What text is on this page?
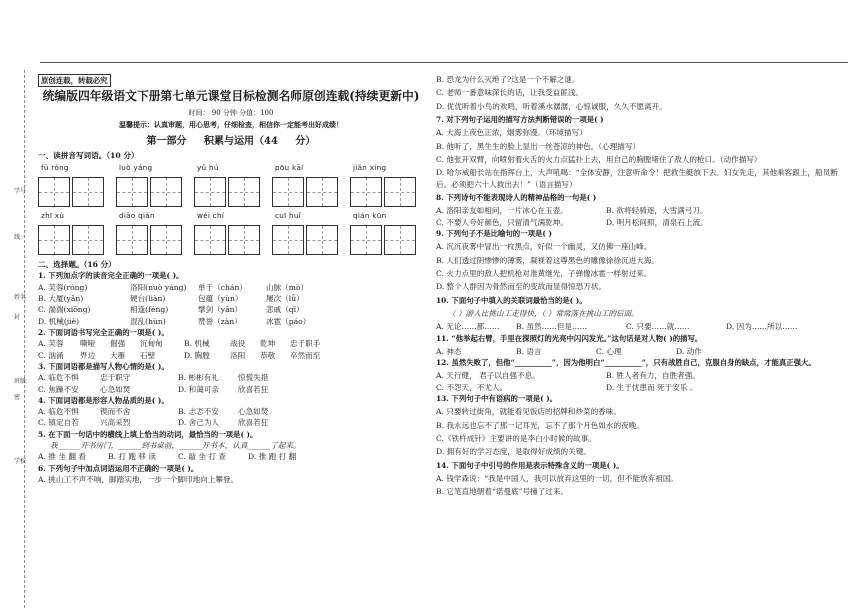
学号
线
姓名
封
班级
密
学校
原创连载，转载必究
统编版四年级语文下册第七单元课堂目标检测名师原创连载(持续更新中)
时间： 90 分钟 分值：100
温馨提示：认真审题，用心思考，仔细检查，相信你一定能考出好成绩！
第一部分 积累与运用（44 分）
一、读拼音写词语。（10 分）
fù róng	luò yáng	yǔ hú	pōu kāi	jiǎn xíng
zhī xù	diāo qiǎn	wéi chí	cuī huǐ	qián kūn
二、选择题。（16 分）
1. 下列加点字的读音完全正确的一项是( )。
A. 芙蓉(róng)	洛阳(nuò yáng)	单于（chán）	山脉（mò）
B. 大厦(yǎn)	硬台(liàn)	包蕴（yùn）	屡次（lǚ）
C. 湍湍(xiōng)	相逢(féng)	擘剑（yān）	悲戚（qī）
D. 机械(jiè)	混乱(hùn)	赞誉（zàn）	冰雹（páo）
2. 下面词语书写完全正确的一项是( )。
A. 芙蓉	嘶哑	倔强	沉甸甸	B. 机械	战役	乾坤	忠于职手
C. 汹涌	畀边	大雁	石壁	D. 胸膛	洛阳	恭敬	卒然而至
3. 下面词语都是描写人物心情的是( )。
A. 临危不惧	忠于职守	B. 彬彬有礼	惊慌失措
C. 焦躁不安	心急如焚	D. 和蔼可亲	欣喜若狂
4. 下面词语都是形容人物品质的是( )。
A. 临危不惧	锲而不舍	B. 忐忑不安	心急如焚
C. 镇定自若	兴高采烈	D. 舍己为人	欣喜若狂
5. 在下面一句话中的横线上填上恰当的动词，最恰当的一项是( )。
我______开书房门，______到书桌前，______开书本，认真______了起来。
A. 推 坐 翻 看	B. 打 跑 移 读	C. 敲 坐 打 查	D. 推 跑 打 翻
6. 下列句子中加点词语运用不正确的一项是( )。
A. 挑山工不声不响，脚踏实地，一步一个脚印地向上攀登。
B. 恐龙为什么灭绝了?这是一个不解之谜。
C. 老师一番意味深长的话，让我受益匪浅。
D. 优优听着小鸟的欢鸣，听着溪水潺潺，心惊诚服，久久不愿离开。
7. 对下列句子运用的描写方法判断错误的一项是( )
A. 大海上夜色正浓，烟雾弥漫。（环境描写）
B. 他听了，黑生生的脸上显出一丝苍凉的神色。（心理描写）
C. 他张开双臂，向喷射着火舌的火力点猛扑上去，用自己的胸膛堵住了敌人的枪口。（动作描写）
D. 哈尔威船长站在指挥台上，大声吼喝：“全体安静，注意听命令！把救生艇放下去。妇女先走，其他乘客跟上，船员断后。必须把六十人救出去！”（语言描写）
8. 下列诗句不能表现诗人的精神品格的一句是( )
A. 洛阳亲友如相问，一片冰心在玉壶。	B. 欲将轻骑逐，大雪满弓刀。
C. 不要人夸好颜色，只留清气满乾坤。	D. 明月松间照，清泉石上流。
9. 下列句子不是比喻句的一项是( )
A. 沉沉夜雾中冒出一枚黑点，好似一个幽灵，又仿佛一座山峰。
B. 人们透过阴惨惨的薄雾，凝视着这尊黑色的雕像徐徐沉进大海。
C. 火力点里的敌人把机枪对准黄继光，子弹像冰雹一样射过来。
D. 整个人群因为骨然而至的变故而显得惊恐万状。
10. 下面句子中填入的关联词最恰当的是( )。
（ ）游人比挑山工走得快，（ ）常常落在挑山工的后面。
A. 无论……都……	B. 虽然……但是……	C. 只要……就……	D. 因为……所以……
11. “他举起右臂，手里在探照灯的光亮中闪闪发光。”这句话是对人物( )的描写。
A. 神态	B. 语言	C. 心理	D. 动作
12. 虽然失败了，但他“__________”，因为他明白“__________”，只有战胜自己，克服自身的缺点，才能真正强大。
A. 天行健， 君子以自强不息。	B. 胜人者有力，自胜者强。
C. 不怨天，不尤人。	D. 生于忧患而 死于安乐 。
13. 下列句子中有语病的一项是( )。
A. 只要转过街角，就能看见饭店的招牌和炒菜的香味。
B. 我永远也忘不了那一记耳光，忘不了那个月色如水的夜晚。
C.《铁杵成针》主要讲的是李白小时候的故事。
D. 拥有好的学习态度，是取得好成绩的关键。
14. 下面句子中引号的作用是表示特殊含义的一项是( )。
A. 钱学森说：“我是中国人，我可以放弃这里的一切，但不能放弃祖国。
B. 它笔直地朝着“诺曼底”号撞了过来。
